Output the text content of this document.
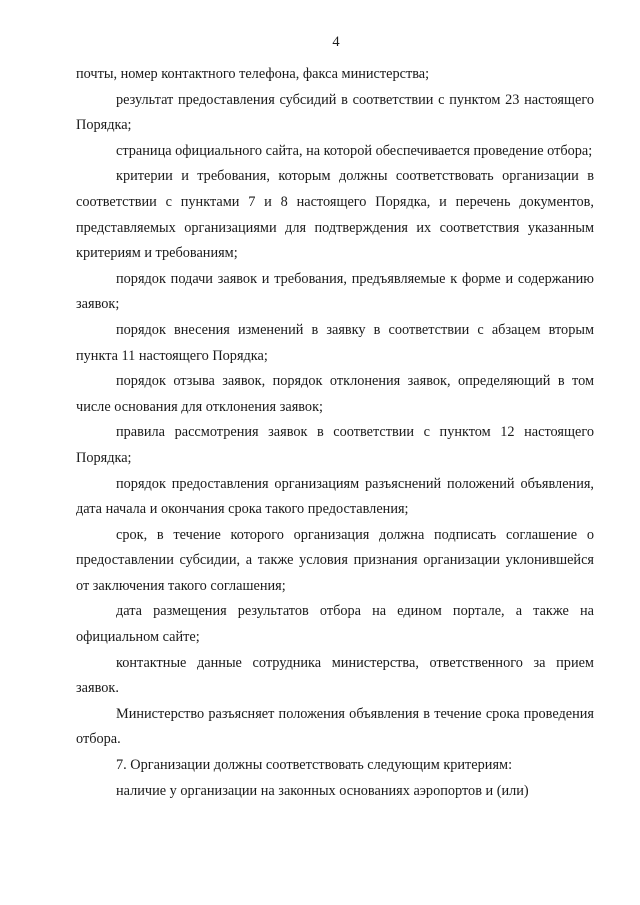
4

почты, номер контактного телефона, факса министерства;

результат предоставления субсидий в соответствии с пунктом 23 настоящего Порядка;

страница официального сайта, на которой обеспечивается проведение отбора;

критерии и требования, которым должны соответствовать организации в соответствии с пунктами 7 и 8 настоящего Порядка, и перечень документов, представляемых организациями для подтверждения их соответствия указанным критериям и требованиям;

порядок подачи заявок и требования, предъявляемые к форме и содержанию заявок;

порядок внесения изменений в заявку в соответствии с абзацем вторым пункта 11 настоящего Порядка;

порядок отзыва заявок, порядок отклонения заявок, определяющий в том числе основания для отклонения заявок;

правила рассмотрения заявок в соответствии с пунктом 12 настоящего Порядка;

порядок предоставления организациям разъяснений положений объявления, дата начала и окончания срока такого предоставления;

срок, в течение которого организация должна подписать соглашение о предоставлении субсидии, а также условия признания организации уклонившейся от заключения такого соглашения;

дата размещения результатов отбора на едином портале, а также на официальном сайте;

контактные данные сотрудника министерства, ответственного за прием заявок.

Министерство разъясняет положения объявления в течение срока проведения отбора.

7. Организации должны соответствовать следующим критериям:

наличие у организации на законных основаниях аэропортов и (или)
